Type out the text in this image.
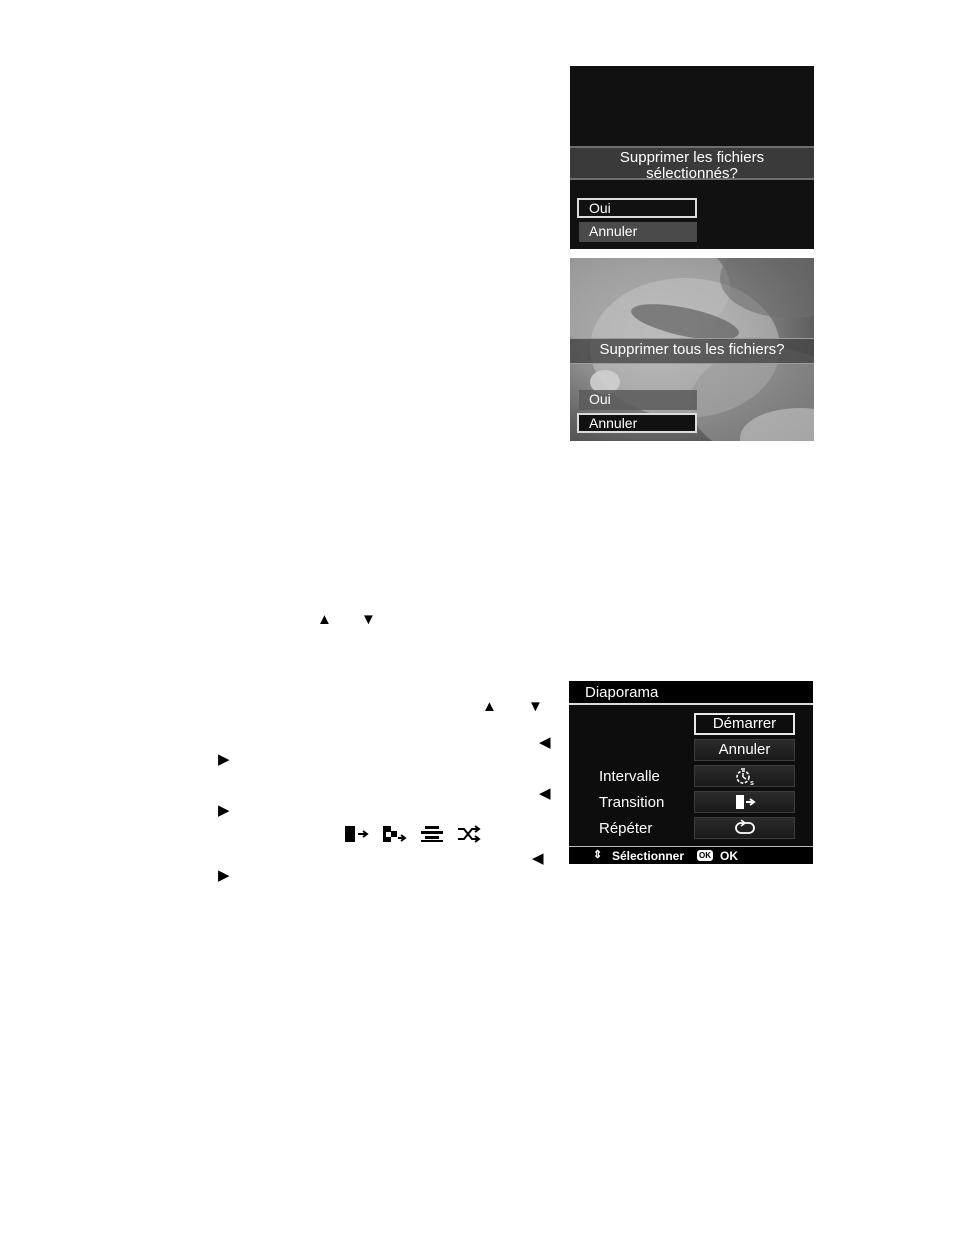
Supprimer les fichiers
sélectionnés?
Oui
Annuler
Supprimer tous les fichiers?
Oui
Annuler
▲ ▼
▲ ▼
◀
▶
◀
▶
◀
▶
Diaporama
Démarrer
Annuler
Intervalle	s
Transition
Répéter
⇕ Sélectionner OK OK
